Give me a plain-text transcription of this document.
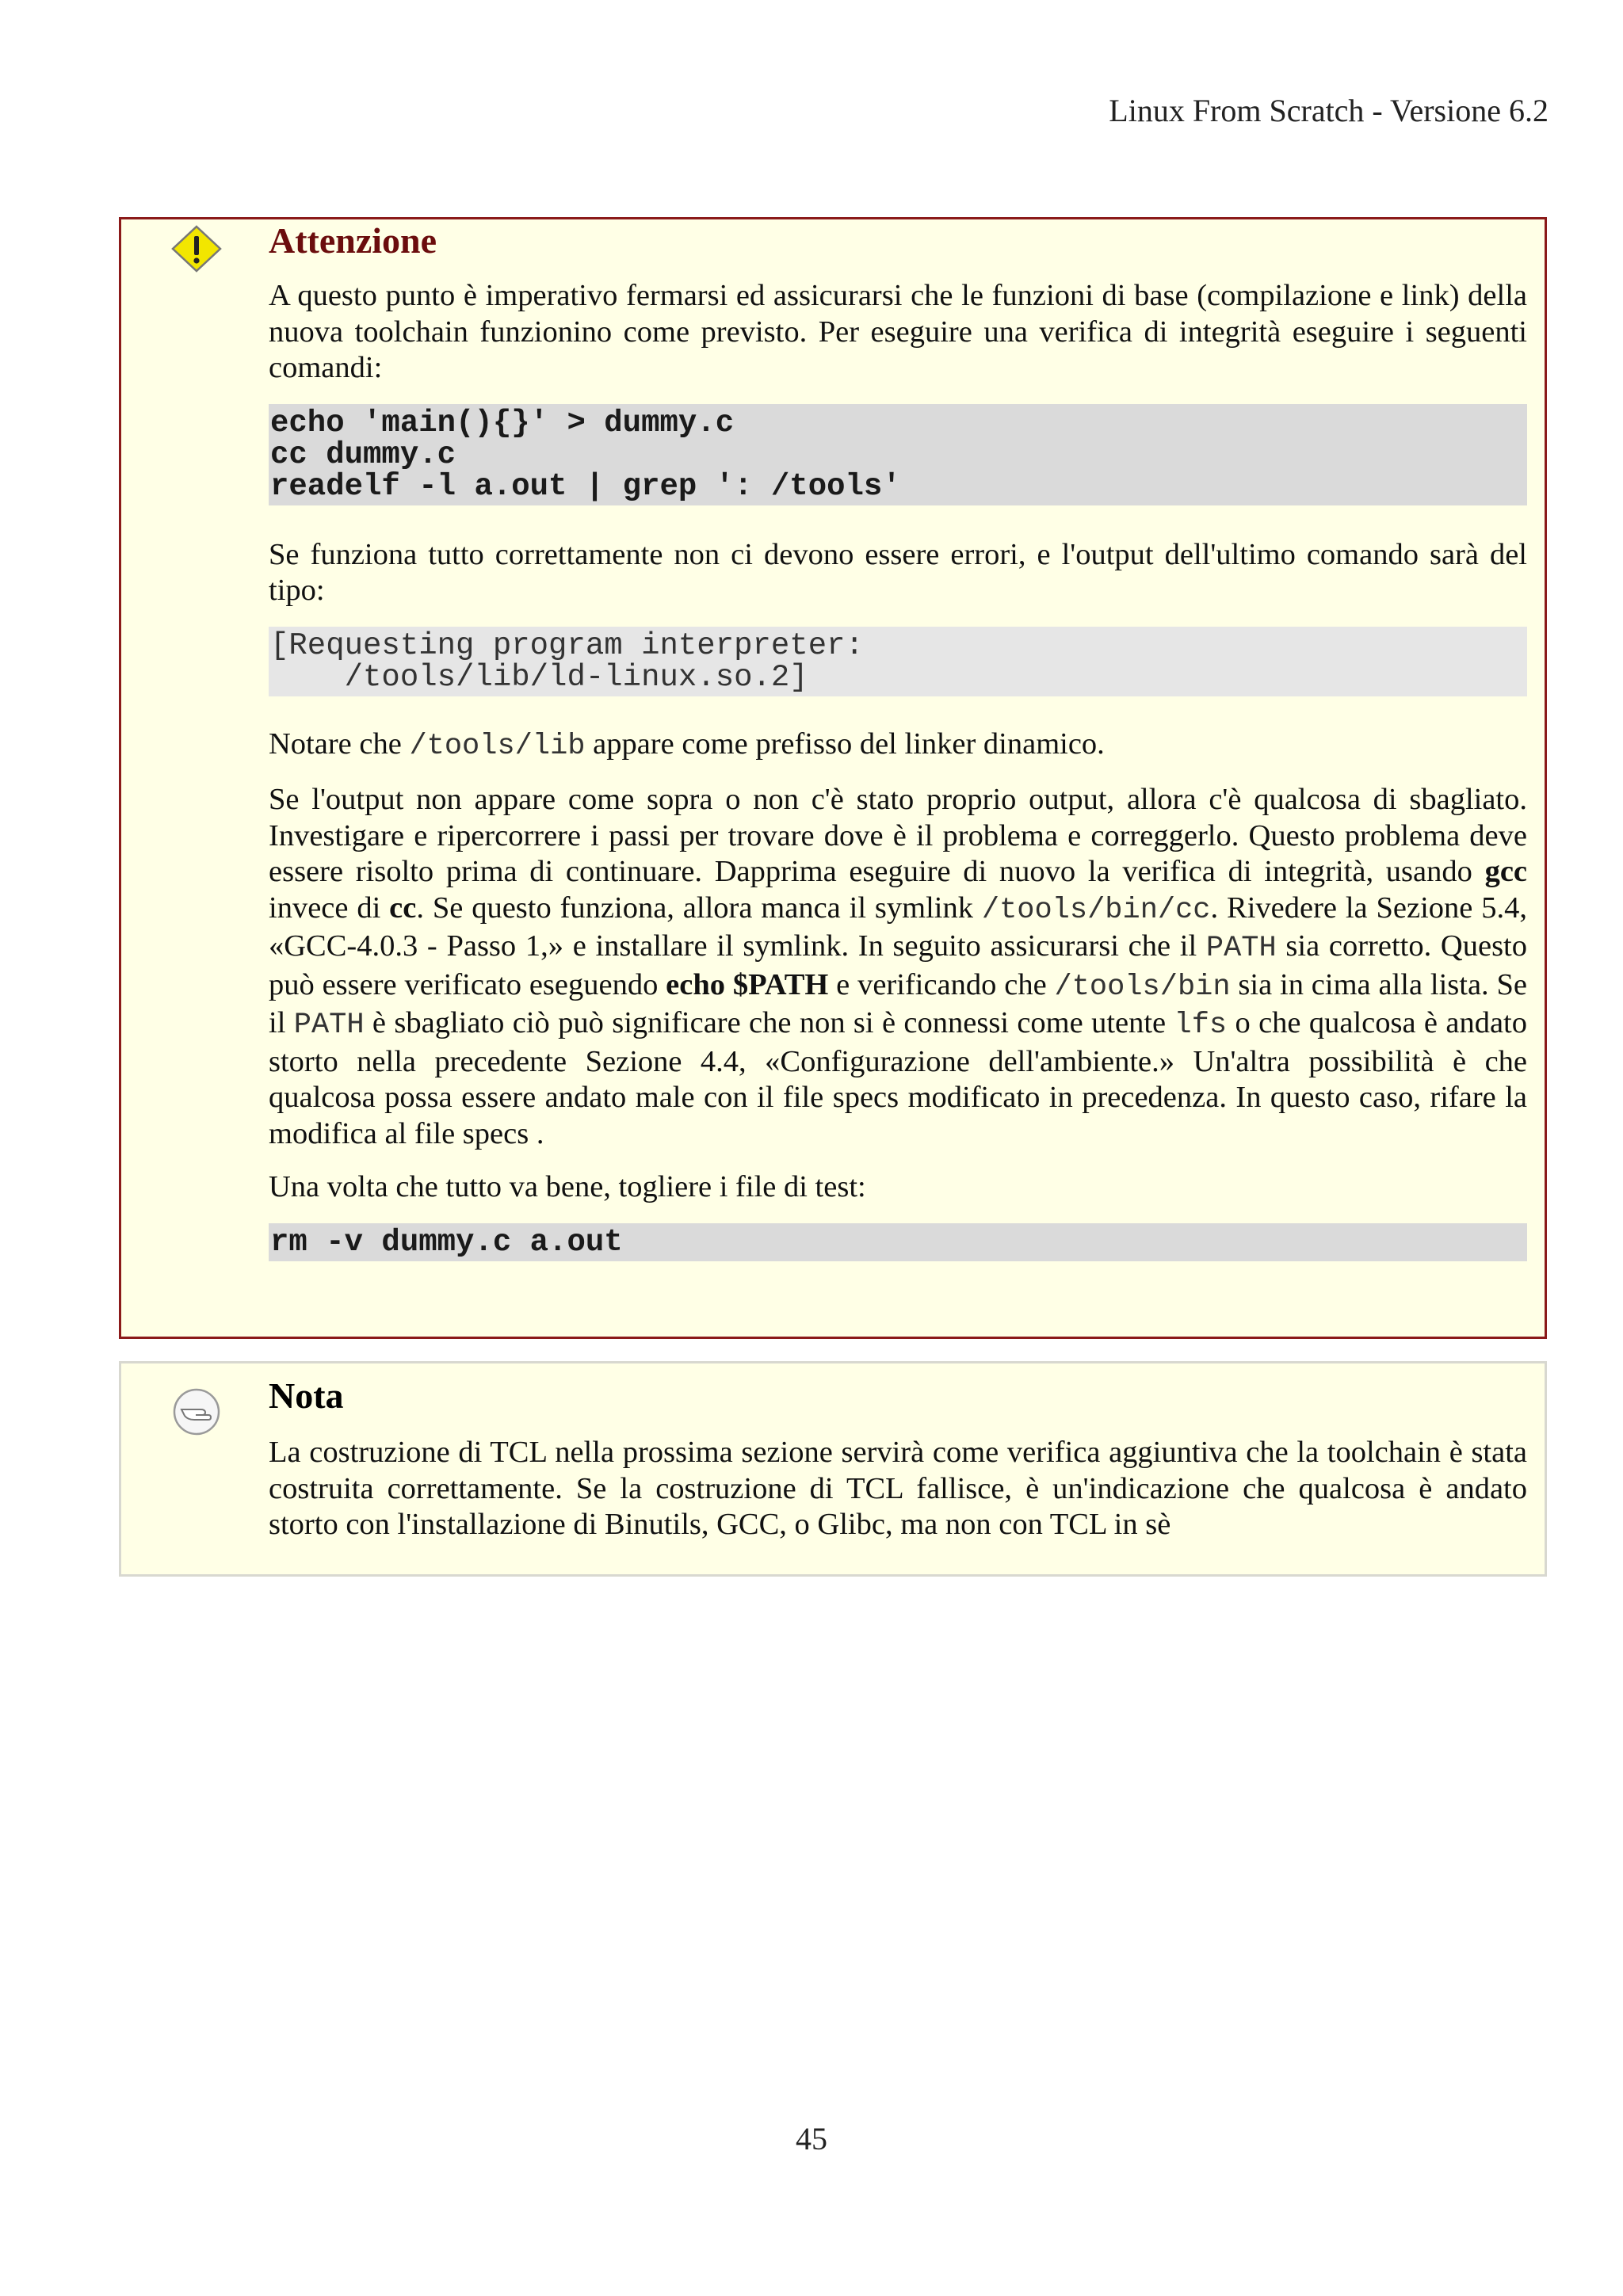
Linux From Scratch - Versione 6.2
Attenzione

A questo punto è imperativo fermarsi ed assicurarsi che le funzioni di base (compilazione e link) della nuova toolchain funzionino come previsto. Per eseguire una verifica di integrità eseguire i seguenti comandi:

echo 'main(){}' > dummy.c
cc dummy.c
readelf -l a.out | grep ': /tools'

Se funziona tutto correttamente non ci devono essere errori, e l'output dell'ultimo comando sarà del tipo:

[Requesting program interpreter:
/tools/lib/ld-linux.so.2]

Notare che /tools/lib appare come prefisso del linker dinamico.

Se l'output non appare come sopra o non c'è stato proprio output, allora c'è qualcosa di sbagliato. Investigare e ripercorrere i passi per trovare dove è il problema e correggerlo. Questo problema deve essere risolto prima di continuare. Dapprima eseguire di nuovo la verifica di integrità, usando gcc invece di cc. Se questo funziona, allora manca il symlink /tools/bin/cc. Rivedere la Sezione 5.4, «GCC-4.0.3 - Passo 1,» e installare il symlink. In seguito assicurarsi che il PATH sia corretto. Questo può essere verificato eseguendo echo $PATH e verificando che /tools/bin sia in cima alla lista. Se il PATH è sbagliato ciò può significare che non si è connessi come utente lfs o che qualcosa è andato storto nella precedente Sezione 4.4, «Configurazione dell'ambiente.» Un'altra possibilità è che qualcosa possa essere andato male con il file specs modificato in precedenza. In questo caso, rifare la modifica al file specs .

Una volta che tutto va bene, togliere i file di test:

rm -v dummy.c a.out
Nota

La costruzione di TCL nella prossima sezione servirà come verifica aggiuntiva che la toolchain è stata costruita correttamente. Se la costruzione di TCL fallisce, è un'indicazione che qualcosa è andato storto con l'installazione di Binutils, GCC, o Glibc, ma non con TCL in sè

45
